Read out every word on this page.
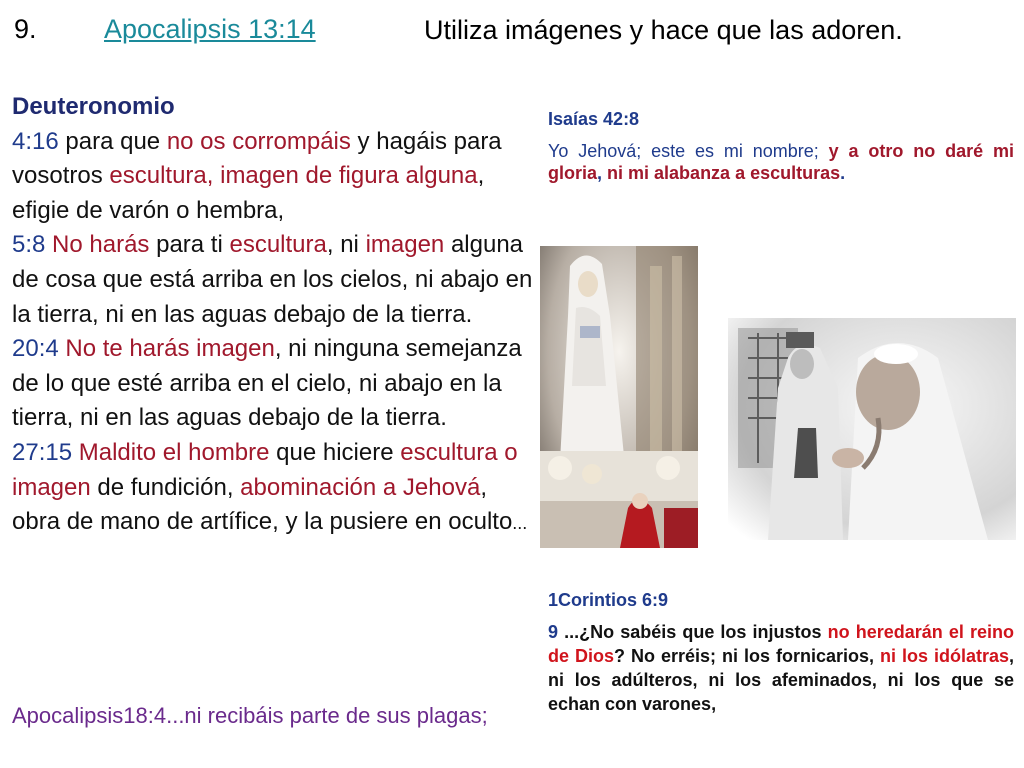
9. Apocalipsis 13:14	Utiliza imágenes y hace que las adoren.
Deuteronomio
4:16 para que no os corrompáis y hagáis para vosotros escultura, imagen de figura alguna, efigie de varón o hembra,
5:8 No harás para ti escultura, ni imagen alguna de cosa que está arriba en los cielos, ni abajo en la tierra, ni en las aguas debajo de la tierra.
20:4 No te harás imagen, ni ninguna semejanza de lo que esté arriba en el cielo, ni abajo en la tierra, ni en las aguas debajo de la tierra.
27:15 Maldito el hombre que hiciere escultura o imagen de fundición, abominación a Jehová, obra de mano de artífice, y la pusiere en oculto...
Apocalipsis18:4...ni recibáis parte de sus plagas;
Isaías 42:8

Yo Jehová; este es mi nombre; y a otro no daré mi gloria, ni mi alabanza a esculturas.

1Corintios 6:9

9 ...¿No sabéis que los injustos no heredarán el reino de Dios? No erréis; ni los fornicarios, ni los idólatras, ni los adúlteros, ni los afeminados, ni los que se echan con varones,
